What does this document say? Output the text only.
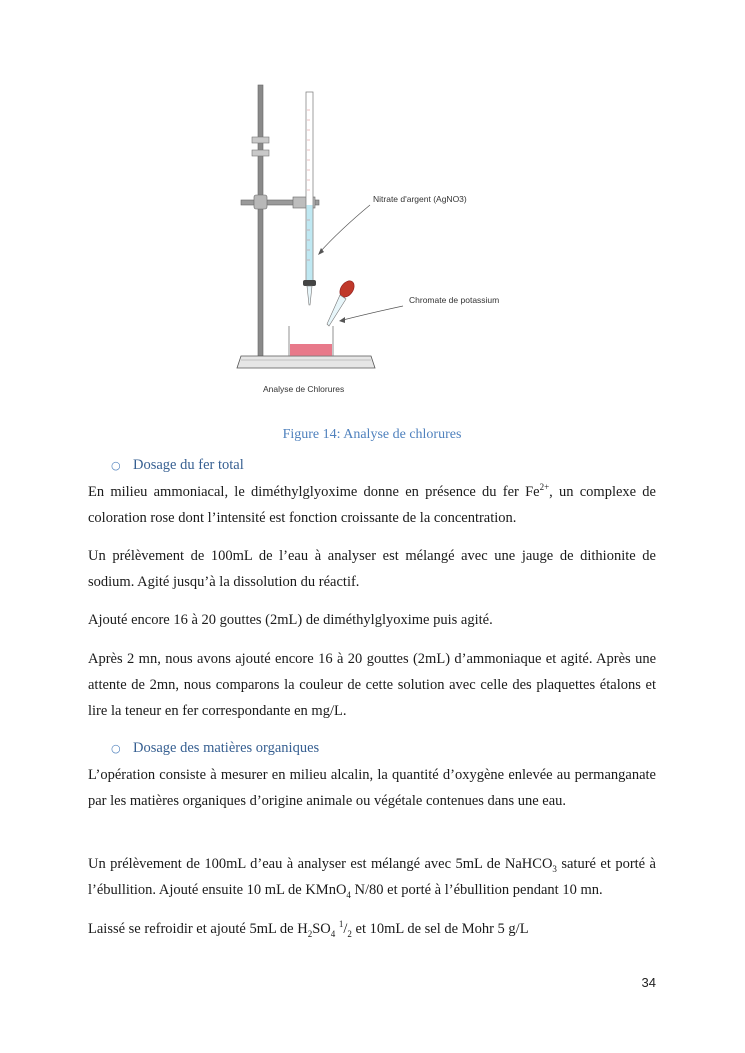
Nitrate d'argent (AgNO3)
Chromate de potassium
Analyse de Chlorures
Figure 14: Analyse de chlorures
○ Dosage du fer total

En milieu ammoniacal, le diméthylglyoxime donne en présence du fer $Fe^{2+}$, un complexe de coloration rose dont l’intensité est fonction croissante de la concentration.

Un prélèvement de 100mL de l’eau à analyser est mélangé avec une jauge de dithionite de sodium. Agité jusqu’à la dissolution du réactif.

Ajouté encore 16 à 20 gouttes (2mL) de diméthylglyoxime puis agité.

Après 2 mn, nous avons ajouté encore 16 à 20 gouttes (2mL) d’ammoniaque et agité. Après une attente de 2mn, nous comparons la couleur de cette solution avec celle des plaquettes étalons et lire la teneur en fer correspondante en mg/L.

○ Dosage des matières organiques

L’opération consiste à mesurer en milieu alcalin, la quantité d’oxygène enlevée au permanganate par les matières organiques d’origine animale ou végétale contenues dans une eau.

Un prélèvement de 100mL d’eau à analyser est mélangé avec 5mL de NaHCO$_3$ saturé et porté à l’ébullition. Ajouté ensuite 10 mL de KMnO$_4$ N/80 et porté à l’ébullition pendant 10 mn.

Laissé se refroidir et ajouté 5mL de $H_2SO_4$ $^1/_2$ et 10mL de sel de Mohr 5 g/L

34
